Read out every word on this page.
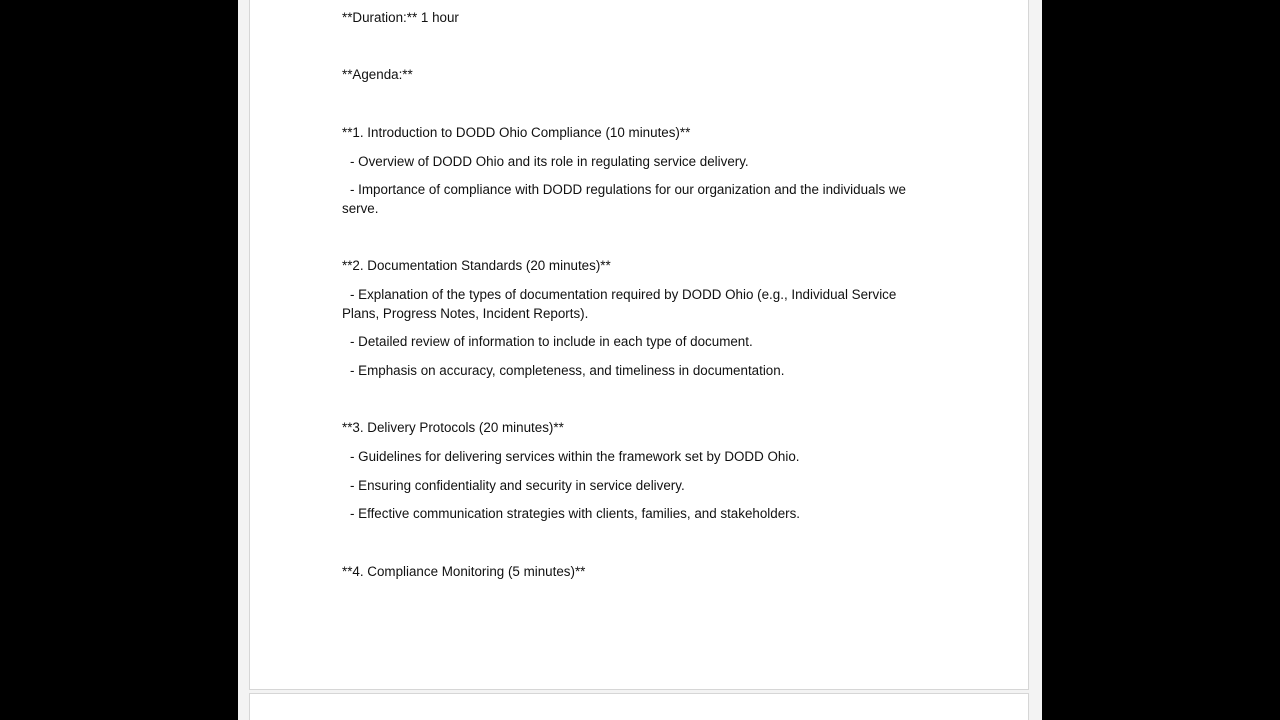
**Duration:** 1 hour
**Agenda:**
**1. Introduction to DODD Ohio Compliance (10 minutes)**
- Overview of DODD Ohio and its role in regulating service delivery.
- Importance of compliance with DODD regulations for our organization and the individuals we serve.
**2. Documentation Standards (20 minutes)**
- Explanation of the types of documentation required by DODD Ohio (e.g., Individual Service Plans, Progress Notes, Incident Reports).
- Detailed review of information to include in each type of document.
- Emphasis on accuracy, completeness, and timeliness in documentation.
**3. Delivery Protocols (20 minutes)**
- Guidelines for delivering services within the framework set by DODD Ohio.
- Ensuring confidentiality and security in service delivery.
- Effective communication strategies with clients, families, and stakeholders.
**4. Compliance Monitoring (5 minutes)**
